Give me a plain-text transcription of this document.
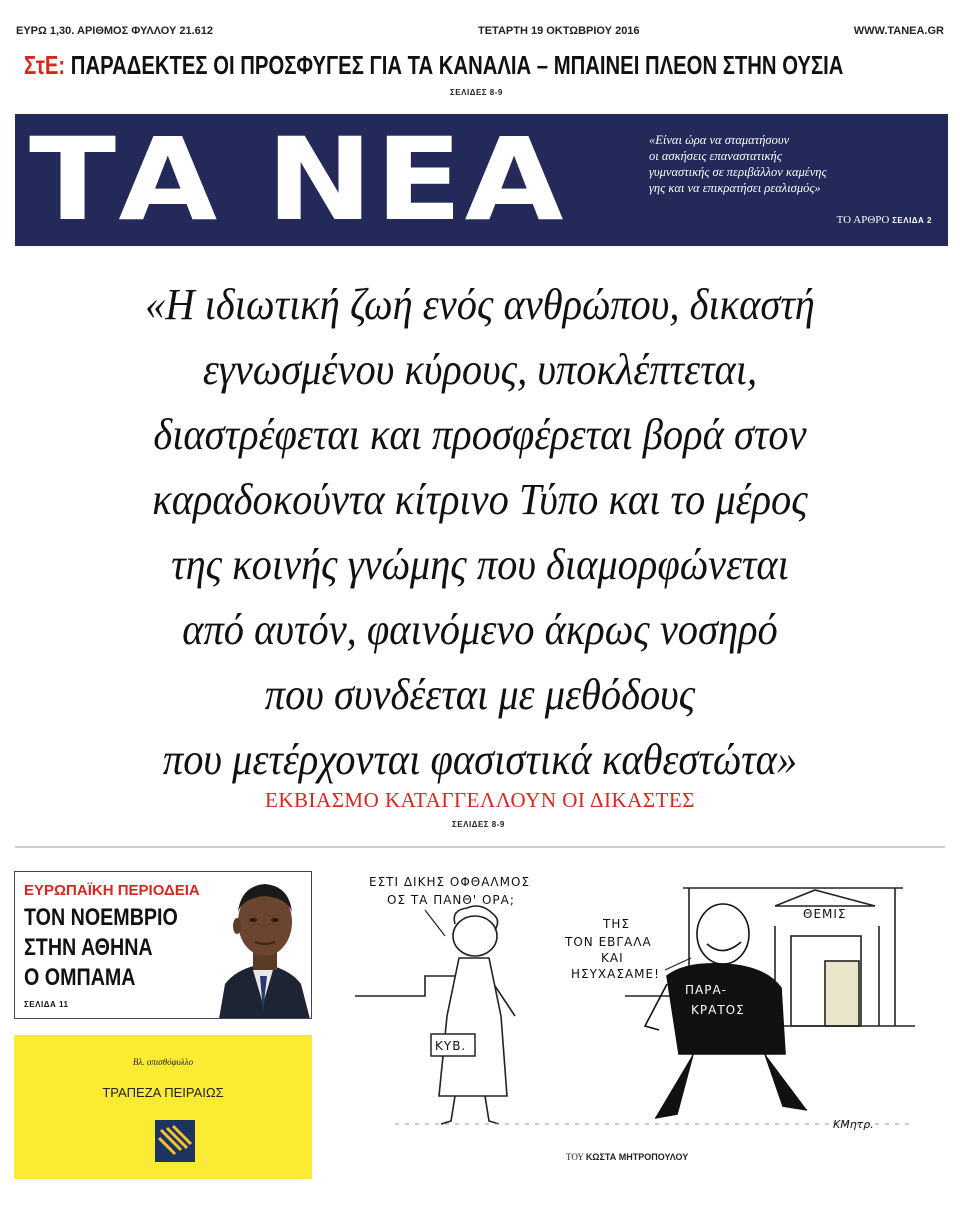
ΕΥΡΩ 1,30. ΑΡΙΘΜΟΣ ΦΥΛΛΟΥ 21.612	ΤΕΤΑΡΤΗ 19 ΟΚΤΩΒΡΙΟΥ 2016	WWW.TANEA.GR
ΣτΕ: ΠΑΡΑΔΕΚΤΕΣ ΟΙ ΠΡΟΣΦΥΓΕΣ ΓΙΑ ΤΑ ΚΑΝΑΛΙΑ – ΜΠΑΙΝΕΙ ΠΛΕΟΝ ΣΤΗΝ ΟΥΣΙΑ
ΣΕΛΙΔΕΣ 8-9
ΤΑ ΝΕΑ	«Είναι ώρα να σταματήσουν
οι ασκήσεις επαναστατικής
γυμναστικής σε περιβάλλον καμένης
γης και να επικρατήσει ρεαλισμός»
ΤΟ ΑΡΘΡΟ ΣΕΛΙΔΑ 2
«Η ιδιωτική ζωή ενός ανθρώπου, δικαστή
εγνωσμένου κύρους, υποκλέπτεται,
διαστρέφεται και προσφέρεται βορά στον
καραδοκούντα κίτρινο Τύπο και το μέρος
της κοινής γνώμης που διαμορφώνεται
από αυτόν, φαινόμενο άκρως νοσηρό
που συνδέεται με μεθόδους
που μετέρχονται φασιστικά καθεστώτα»
ΕΚΒΙΑΣΜΟ ΚΑΤΑΓΓΕΛΛΟΥΝ ΟΙ ΔΙΚΑΣΤΕΣ
ΣΕΛΙΔΕΣ 8-9
ΕΥΡΩΠΑΪΚΗ ΠΕΡΙΟΔΕΙΑ
ΤΟΝ ΝΟΕΜΒΡΙΟ
ΣΤΗΝ ΑΘΗΝΑ
Ο ΟΜΠΑΜΑ
ΣΕΛΙΔΑ 11
Βλ. οπισθόφυλλο
ΤΡΑΠΕΖΑ ΠΕΙΡΑΙΩΣ
ΘΕΜΙΣ
ΕΣΤΙ ΔΙΚΗΣ ΟΦΘΑΛΜΟΣ
ΟΣ ΤΑ ΠΑΝΘ' ΟΡΑ;
ΤΗΣ
ΤΟΝ ΕΒΓΑΛΑ
ΚΑΙ
ΗΣΥΧΑΣΑΜΕ!
ΚΥΒ.
ΠΑΡΑ-
ΚΡΑΤΟΣ
ΚΜητρ.
ΤΟΥ ΚΩΣΤΑ ΜΗΤΡΟΠΟΥΛΟΥ
